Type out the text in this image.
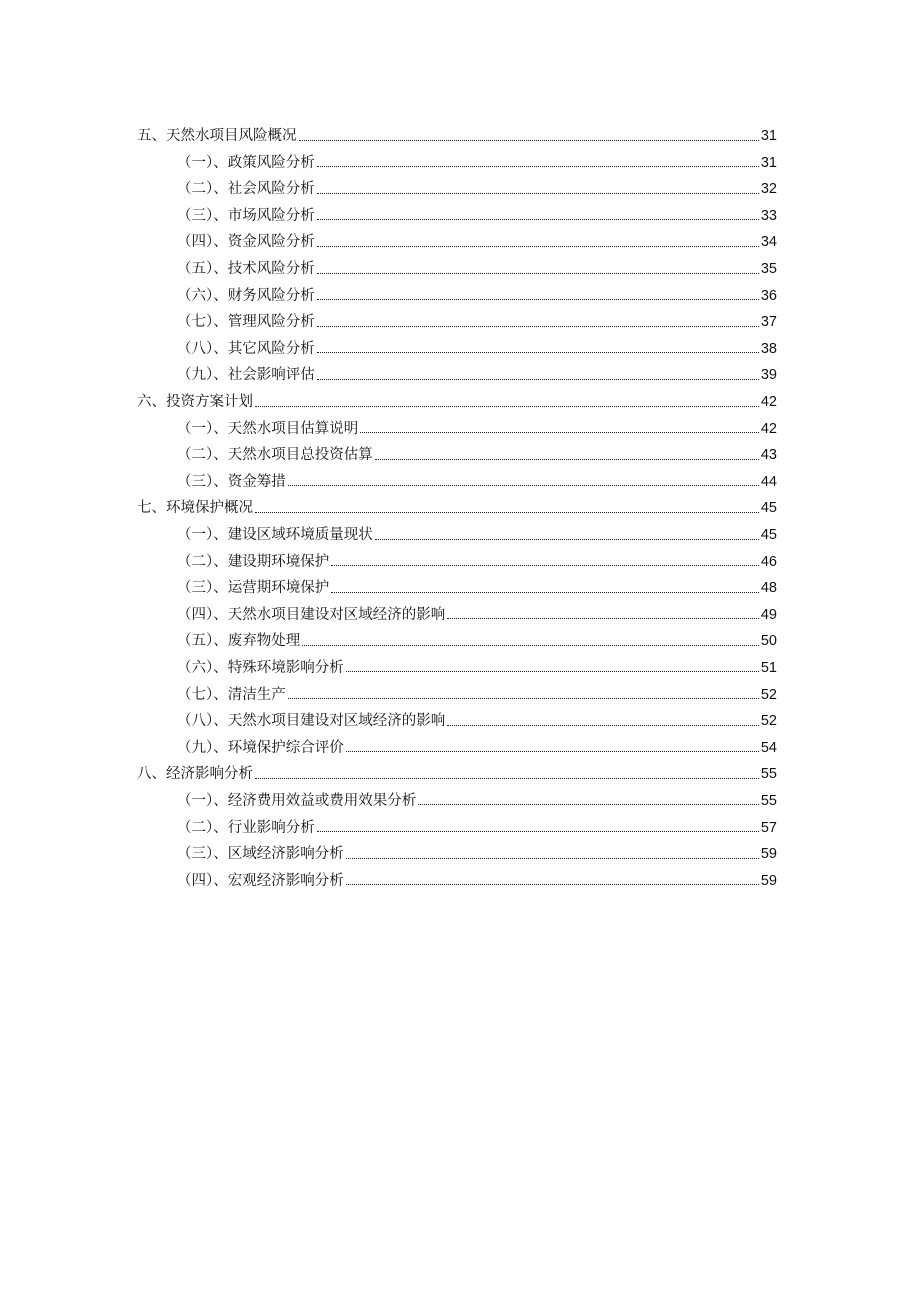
五、天然水项目风险概况	31
（一）、政策风险分析	31
（二）、社会风险分析	32
（三）、市场风险分析	33
（四）、资金风险分析	34
（五）、技术风险分析	35
（六）、财务风险分析	36
（七）、管理风险分析	37
（八）、其它风险分析	38
（九）、社会影响评估	39
六、投资方案计划	42
（一）、天然水项目估算说明	42
（二）、天然水项目总投资估算	43
（三）、资金筹措	44
七、环境保护概况	45
（一）、建设区域环境质量现状	45
（二）、建设期环境保护	46
（三）、运营期环境保护	48
（四）、天然水项目建设对区域经济的影响	49
（五）、废弃物处理	50
（六）、特殊环境影响分析	51
（七）、清洁生产	52
（八）、天然水项目建设对区域经济的影响	52
（九）、环境保护综合评价	54
八、经济影响分析	55
（一）、经济费用效益或费用效果分析	55
（二）、行业影响分析	57
（三）、区域经济影响分析	59
（四）、宏观经济影响分析	59
